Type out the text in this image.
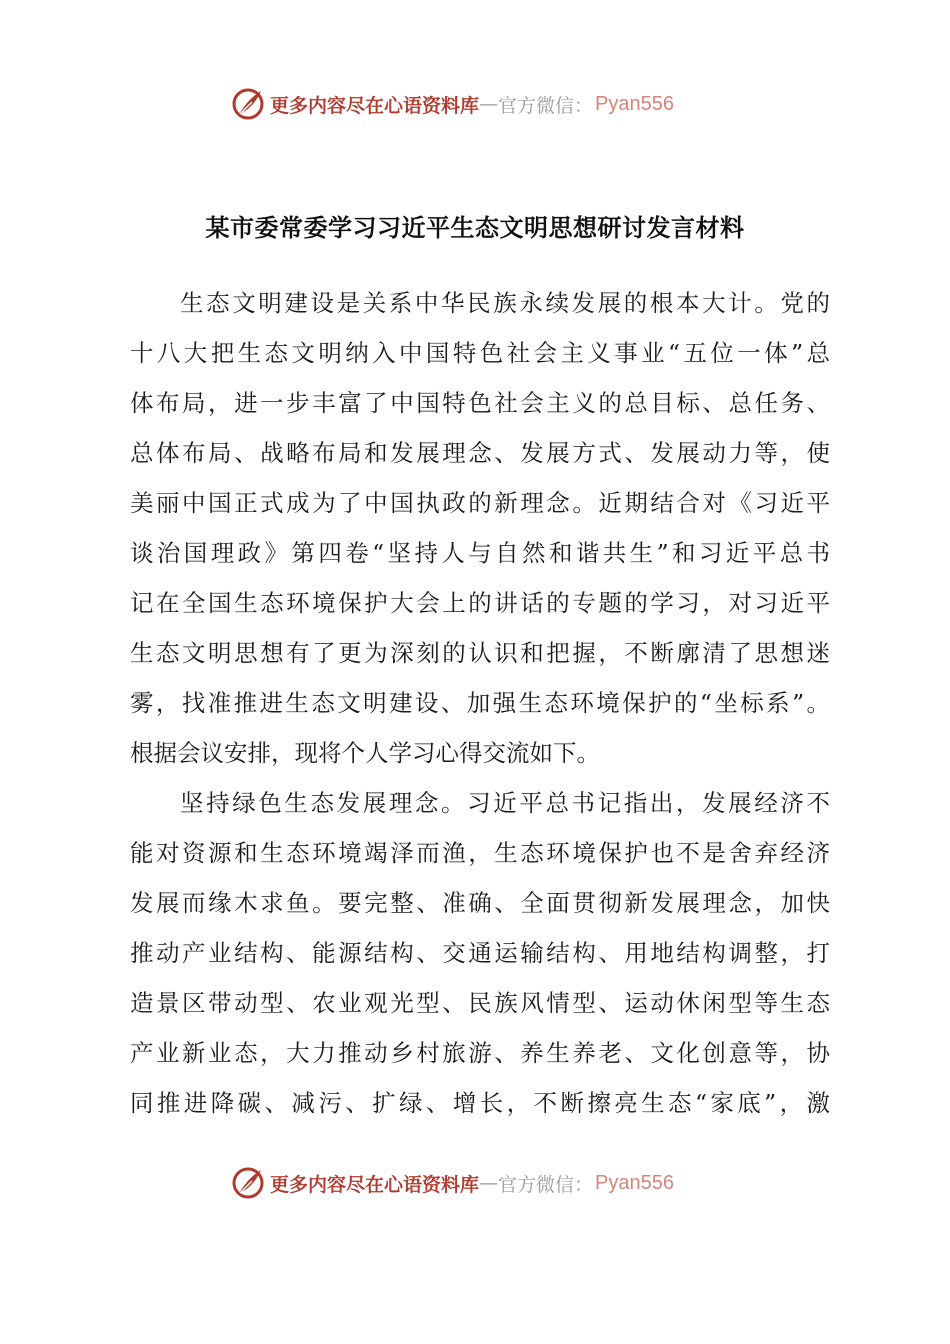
更多内容尽在心语资料库 — 官方微信： Pyan556
某市委常委学习习近平生态文明思想研讨发言材料
生态文明建设是关系中华民族永续发展的根本大计。党的
十八大把生态文明纳入中国特色社会主义事业“五位一体”总
体布局，进一步丰富了中国特色社会主义的总目标、总任务、
总体布局、战略布局和发展理念、发展方式、发展动力等，使
美丽中国正式成为了中国执政的新理念。近期结合对《习近平
谈治国理政》第四卷“坚持人与自然和谐共生”和习近平总书
记在全国生态环境保护大会上的讲话的专题的学习，对习近平
生态文明思想有了更为深刻的认识和把握，不断廓清了思想迷
雾，找准推进生态文明建设、加强生态环境保护的“坐标系”。
根据会议安排，现将个人学习心得交流如下。
坚持绿色生态发展理念。习近平总书记指出，发展经济不
能对资源和生态环境竭泽而渔，生态环境保护也不是舍弃经济
发展而缘木求鱼。要完整、准确、全面贯彻新发展理念，加快
推动产业结构、能源结构、交通运输结构、用地结构调整，打
造景区带动型、农业观光型、民族风情型、运动休闲型等生态
产业新业态，大力推动乡村旅游、养生养老、文化创意等，协
同推进降碳、减污、扩绿、增长，不断擦亮生态“家底”，激
更多内容尽在心语资料库 — 官方微信： Pyan556
